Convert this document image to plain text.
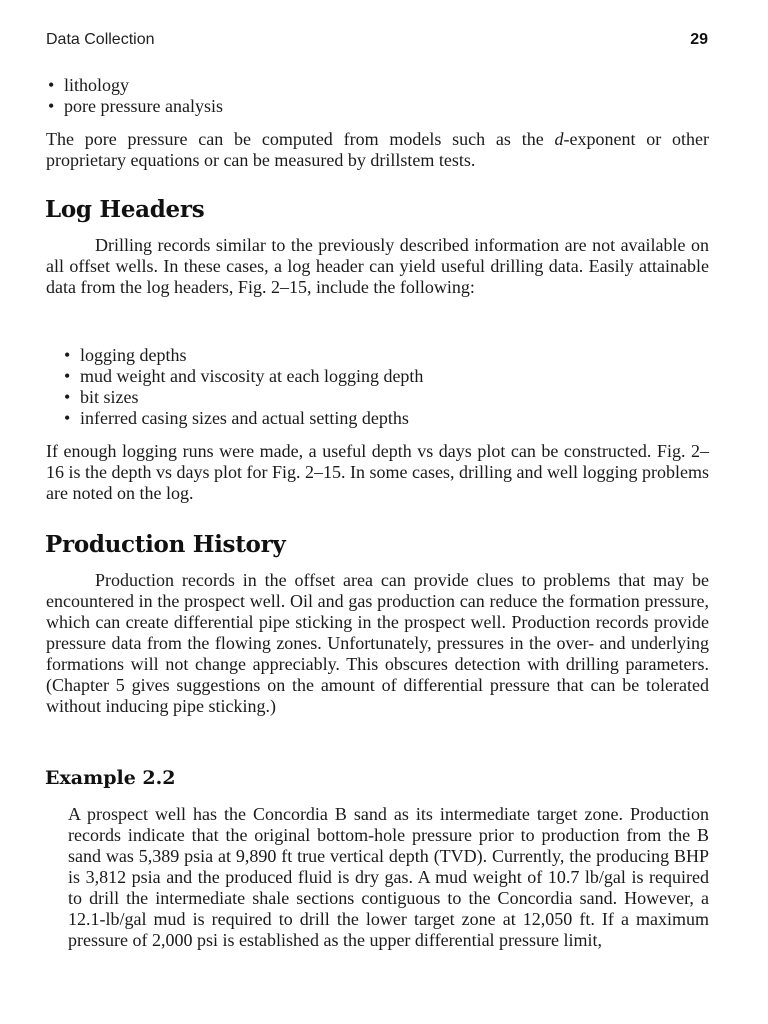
Data Collection	29
• lithology
• pore pressure analysis

The pore pressure can be computed from models such as the d-exponent or other proprietary equations or can be measured by drillstem tests.

Log Headers

Drilling records similar to the previously described information are not available on all offset wells. In these cases, a log header can yield useful drilling data. Easily attainable data from the log headers, Fig. 2–15, include the following:

• logging depths
• mud weight and viscosity at each logging depth
• bit sizes
• inferred casing sizes and actual setting depths

If enough logging runs were made, a useful depth vs days plot can be constructed. Fig. 2–16 is the depth vs days plot for Fig. 2–15. In some cases, drilling and well logging problems are noted on the log.

Production History

Production records in the offset area can provide clues to problems that may be encountered in the prospect well. Oil and gas production can reduce the formation pressure, which can create differential pipe sticking in the prospect well. Production records provide pressure data from the flowing zones. Unfortunately, pressures in the over- and underlying formations will not change appreciably. This obscures detection with drilling parameters. (Chapter 5 gives suggestions on the amount of differential pressure that can be tolerated without inducing pipe sticking.)

Example 2.2

A prospect well has the Concordia B sand as its intermediate target zone. Production records indicate that the original bottom-hole pressure prior to production from the B sand was 5,389 psia at 9,890 ft true vertical depth (TVD). Currently, the producing BHP is 3,812 psia and the produced fluid is dry gas. A mud weight of 10.7 lb/gal is required to drill the intermediate shale sections contiguous to the Concordia sand. However, a 12.1-lb/gal mud is required to drill the lower target zone at 12,050 ft. If a maximum pressure of 2,000 psi is established as the upper differential pressure limit,
